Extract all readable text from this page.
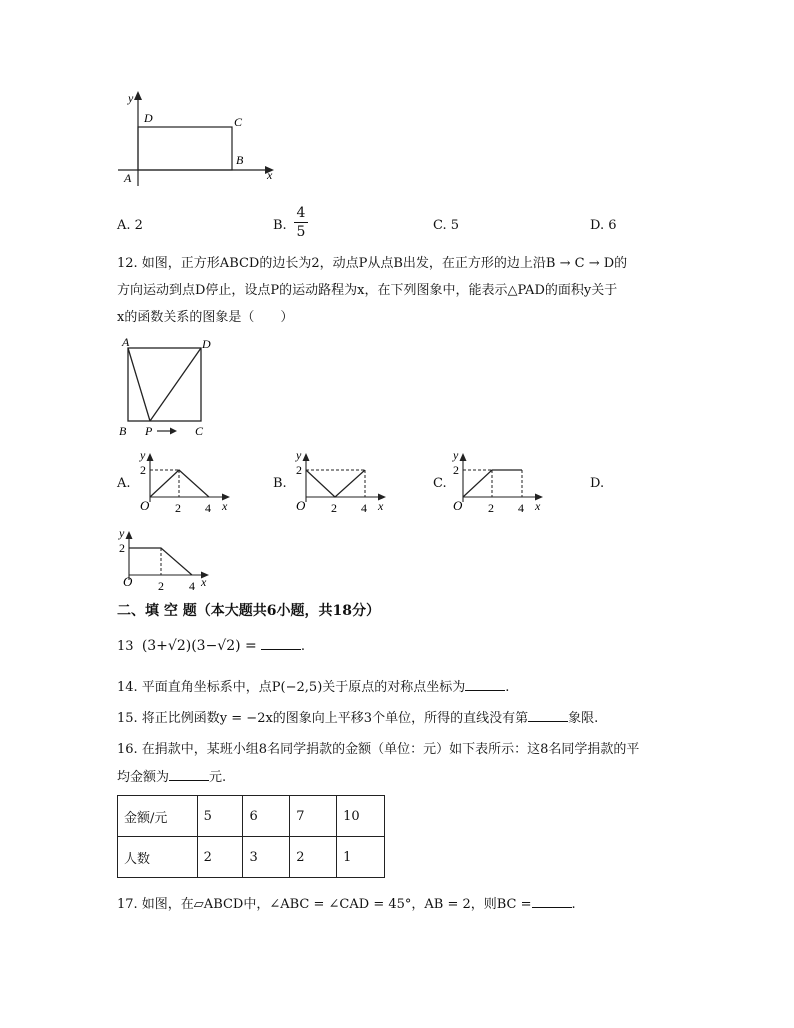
y
x
A
B
C
D
A. 2	B.
4
5	C. 5	D. 6
12. 如图，正方形ABCD的边长为2，动点P从点B出发，在正方形的边上沿B → C → D的
方向运动到点D停止，设点P的运动路程为x，在下列图象中，能表示△PAD的面积y关于
x的函数关系的图象是（　　）
A	D
B P	C
A.
y
2
O 2 4 x
B.
y
2
O 2 4 x
C.
y
2
O 2 4 x
D.
y
2
O 2 4 x
二、填 空 题（本大题共6小题，共18分）
13 (3+√2)(3−√2) =	.
14. 平面直角坐标系中，点P(−2,5)关于原点的对称点坐标为	.
15. 将正比例函数y = −2x的图象向上平移3个单位，所得的直线没有第	象限.
16. 在捐款中，某班小组8名同学捐款的金额（单位：元）如下表所示：这8名同学捐款的平
均金额为	元.
金额/元	5	6	7	10
人数	2	3	2	1
17. 如图，在▱ABCD中，∠ABC = ∠CAD = 45°，AB = 2，则BC =	.
